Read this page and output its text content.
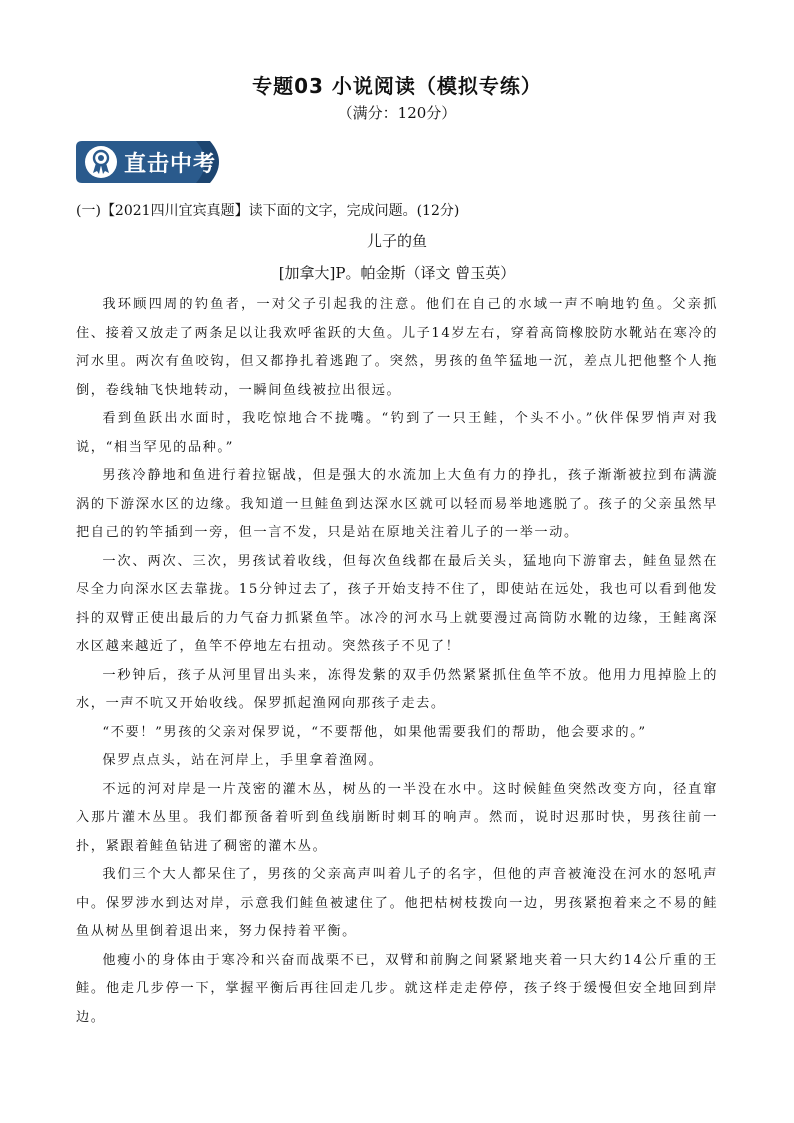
专题03 小说阅读（模拟专练）
（满分：120分）
直击中考
(一)【2021四川宜宾真题】读下面的文字，完成问题。(12分)
儿子的鱼
[加拿大]P。帕金斯（译文 曾玉英）

我环顾四周的钓鱼者，一对父子引起我的注意。他们在自己的水域一声不响地钓鱼。父亲抓住、接着又放走了两条足以让我欢呼雀跃的大鱼。儿子14岁左右，穿着高筒橡胶防水靴站在寒冷的河水里。两次有鱼咬钩，但又都挣扎着逃跑了。突然，男孩的鱼竿猛地一沉，差点儿把他整个人拖倒，卷线轴飞快地转动，一瞬间鱼线被拉出很远。

看到鱼跃出水面时，我吃惊地合不拢嘴。“钓到了一只王鲑，个头不小。”伙伴保罗悄声对我说，“相当罕见的品种。”

男孩冷静地和鱼进行着拉锯战，但是强大的水流加上大鱼有力的挣扎，孩子渐渐被拉到布满漩涡的下游深水区的边缘。我知道一旦鲑鱼到达深水区就可以轻而易举地逃脱了。孩子的父亲虽然早把自己的钓竿插到一旁，但一言不发，只是站在原地关注着儿子的一举一动。

一次、两次、三次，男孩试着收线，但每次鱼线都在最后关头，猛地向下游窜去，鲑鱼显然在尽全力向深水区去靠拢。15分钟过去了，孩子开始支持不住了，即使站在远处，我也可以看到他发抖的双臂正使出最后的力气奋力抓紧鱼竿。冰冷的河水马上就要漫过高筒防水靴的边缘，王鲑离深水区越来越近了，鱼竿不停地左右扭动。突然孩子不见了！

一秒钟后，孩子从河里冒出头来，冻得发紫的双手仍然紧紧抓住鱼竿不放。他用力甩掉脸上的水，一声不吭又开始收线。保罗抓起渔网向那孩子走去。

“不要！”男孩的父亲对保罗说，“不要帮他，如果他需要我们的帮助，他会要求的。”

保罗点点头，站在河岸上，手里拿着渔网。

不远的河对岸是一片茂密的灌木丛，树丛的一半没在水中。这时候鲑鱼突然改变方向，径直窜入那片灌木丛里。我们都预备着听到鱼线崩断时刺耳的响声。然而，说时迟那时快，男孩往前一扑，紧跟着鲑鱼钻进了稠密的灌木丛。

我们三个大人都呆住了，男孩的父亲高声叫着儿子的名字，但他的声音被淹没在河水的怒吼声中。保罗涉水到达对岸，示意我们鲑鱼被逮住了。他把枯树枝拨向一边，男孩紧抱着来之不易的鲑鱼从树丛里倒着退出来，努力保持着平衡。

他瘦小的身体由于寒冷和兴奋而战栗不已，双臂和前胸之间紧紧地夹着一只大约14公斤重的王鲑。他走几步停一下，掌握平衡后再往回走几步。就这样走走停停，孩子终于缓慢但安全地回到岸边。
